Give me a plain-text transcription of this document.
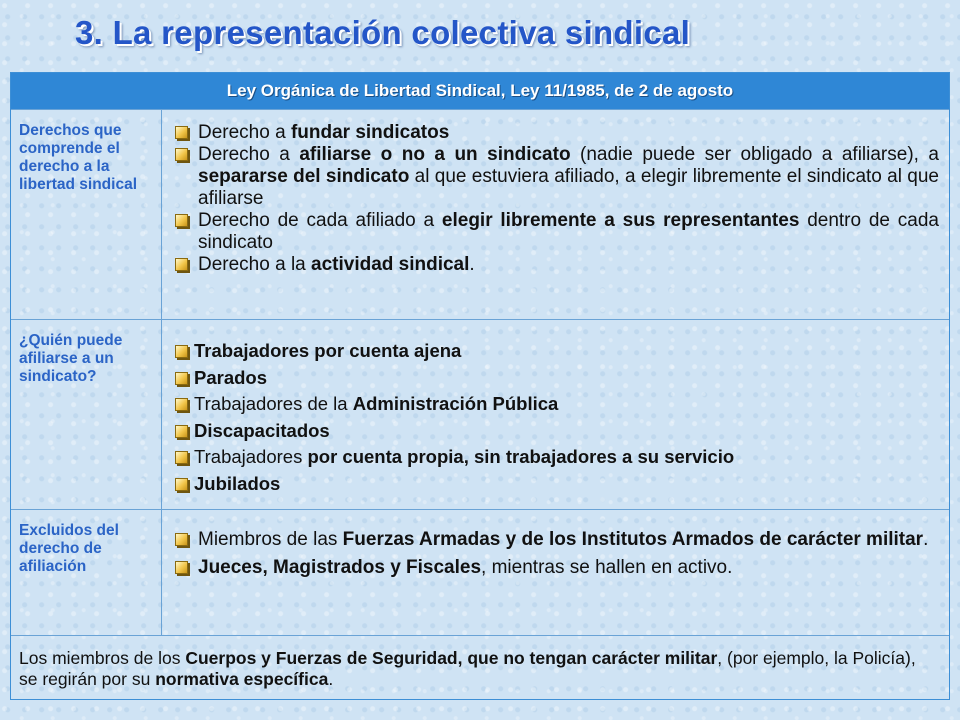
3. La representación colectiva sindical
Ley Orgánica de Libertad Sindical, Ley 11/1985, de 2 de agosto
Derechos que comprende el derecho a la libertad sindical
Derecho a fundar sindicatos
Derecho a afiliarse o no a un sindicato (nadie puede ser obligado a afiliarse), a separarse del sindicato al que estuviera afiliado, a elegir libremente el sindicato al que afiliarse
Derecho de cada afiliado a elegir libremente a sus representantes dentro de cada sindicato
Derecho a la actividad sindical.
¿Quién puede afiliarse a un sindicato?
Trabajadores por cuenta ajena
Parados
Trabajadores de la Administración Pública
Discapacitados
Trabajadores por cuenta propia, sin trabajadores a su servicio
Jubilados
Excluidos del derecho de afiliación
Miembros de las Fuerzas Armadas y de los Institutos Armados de carácter militar.
Jueces, Magistrados y Fiscales, mientras se hallen en activo.
Los miembros de los Cuerpos y Fuerzas de Seguridad, que no tengan carácter militar, (por ejemplo, la Policía), se regirán por su normativa específica.
